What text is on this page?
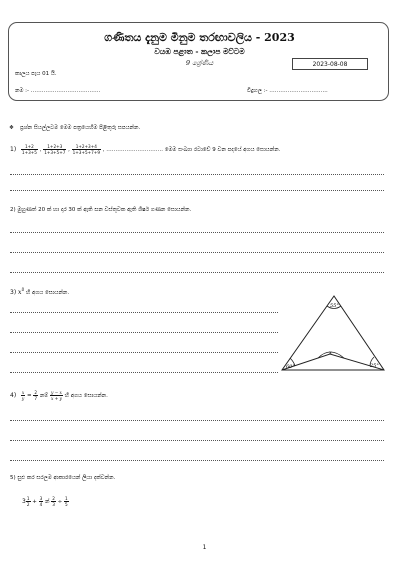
ගණිතය දැනුම මිනුම තරඟාවලිය - 2023
වයඹ පළාත - කලාප මට්ටම
9 ශ්‍රේණිය	2023-08-08
කාලය පැය 01 යි.
නම :- ………………………………..	විදුහල :- …………………………..
❖ ප්‍රශ්න සියල්ලටම මෙම පත්‍රයෙහිම පිළිතුරු සපයන්න.
$1) \frac{1+2}{1+3+5}$ , $\frac{1+2+3}{1+3+5+7}$ , $\frac{1+2+3+4}{1+3+5+7+9}$ , …………………………. මෙම සංඛ්‍යා රටාවේ 9 වන පදයේ අගය සොයන්න.
2) මුහුණත් 20 ක් හා දාර 30 ක් ඇති ඝන වස්තුවක ඇති ශීර්ෂ ගණන සොයන්න.
3) $x^0$ හි අගය සොයන්න.
55°
60°	25°
x
$4) \frac{x}{y} = \frac{2}{7}$ නම් $\frac{y - x}{x + y}$ හි අගය සොයන්න.
5) සුළු කර සරලම ආකාරයෙන් ලියා දක්වන්න.
$3 \frac{1}{2} + \frac{3}{4}$ න් $\frac{2}{3} \div \frac{1}{5}$
1
